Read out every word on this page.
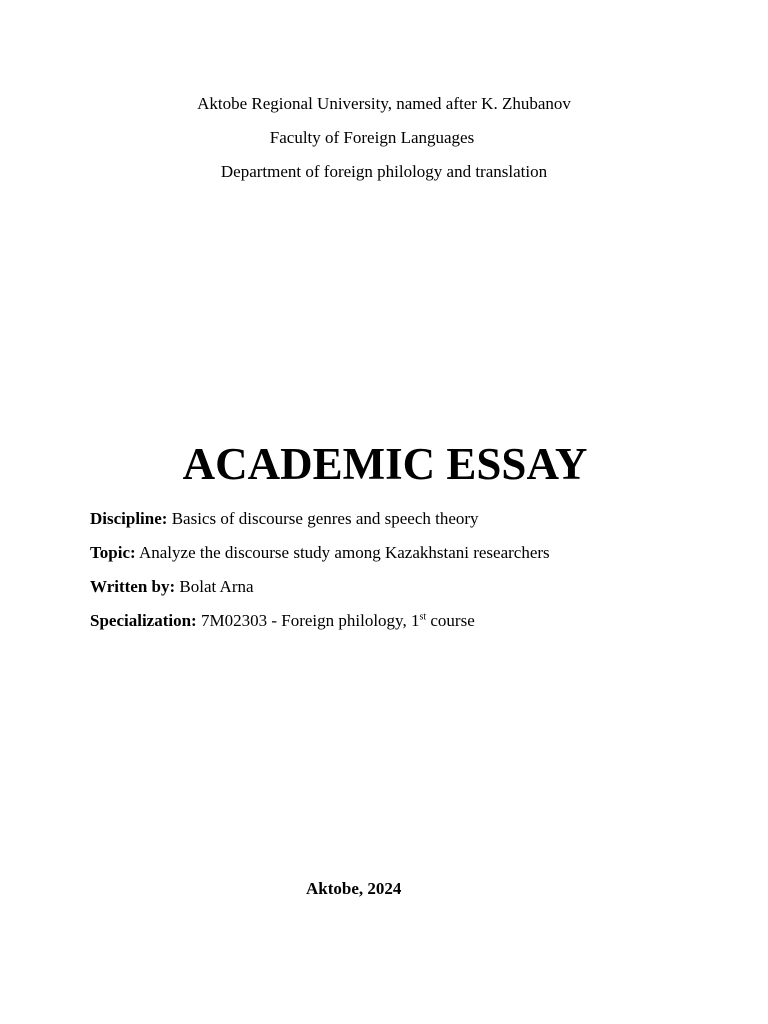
Aktobe Regional University, named after K. Zhubanov
Faculty of Foreign Languages
Department of foreign philology and translation
ACADEMIC ESSAY
Discipline: Basics of discourse genres and speech theory
Topic: Analyze the discourse study among Kazakhstani researchers
Written by: Bolat Arna
Specialization: 7M02303 - Foreign philology, 1st course
Aktobe, 2024
